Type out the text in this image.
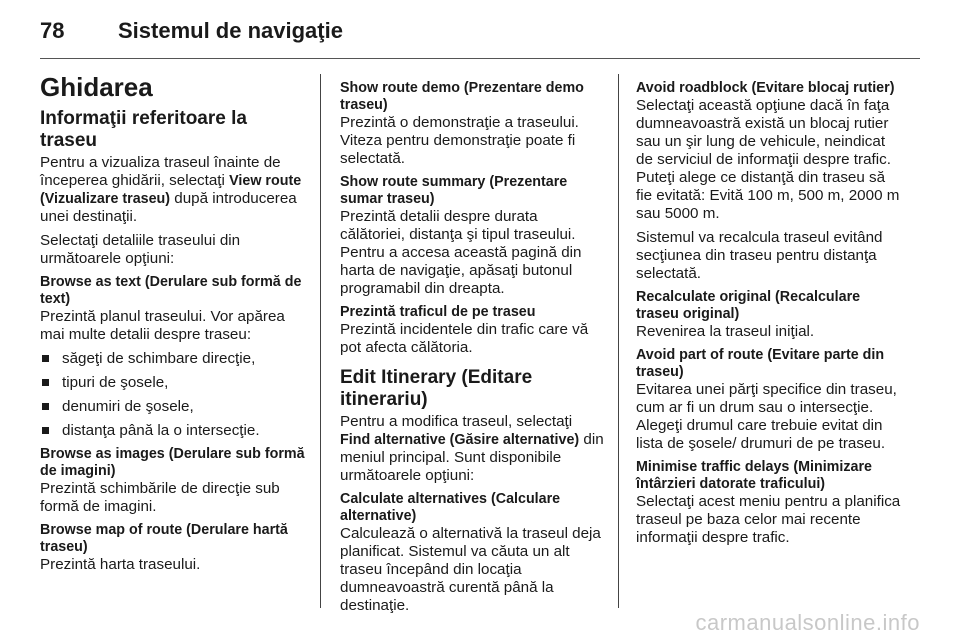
78 Sistemul de navigaţie
Ghidarea
Informaţii referitoare la traseu

Pentru a vizualiza traseul înainte de începerea ghidării, selectaţi View route (Vizualizare traseu) după introducerea unei destinaţii.

Selectaţi detaliile traseului din următoarele opţiuni:

Browse as text (Derulare sub formă de text)
Prezintă planul traseului. Vor apărea mai multe detalii despre traseu:
săgeţi de schimbare direcţie,
tipuri de şosele,
denumiri de şosele,
distanţa până la o intersecţie.
Browse as images (Derulare sub formă de imagini)
Prezintă schimbările de direcţie sub formă de imagini.
Browse map of route (Derulare hartă traseu)
Prezintă harta traseului.
Show route demo (Prezentare demo traseu)
Prezintă o demonstraţie a traseului. Viteza pentru demonstraţie poate fi selectată.
Show route summary (Prezentare sumar traseu)
Prezintă detalii despre durata călătoriei, distanţa şi tipul traseului. Pentru a accesa această pagină din harta de navigaţie, apăsaţi butonul programabil din dreapta.
Prezintă traficul de pe traseu
Prezintă incidentele din trafic care vă pot afecta călătoria.
Edit Itinerary (Editare itinerariu)

Pentru a modifica traseul, selectaţi Find alternative (Găsire alternative) din meniul principal. Sunt disponibile următoarele opţiuni:

Calculate alternatives (Calculare alternative)
Calculează o alternativă la traseul deja planificat. Sistemul va căuta un alt traseu începând din locaţia dumneavoastră curentă până la destinaţie.
Avoid roadblock (Evitare blocaj rutier)
Selectaţi această opţiune dacă în faţa dumneavoastră există un blocaj rutier sau un şir lung de vehicule, neindicat de serviciul de informaţii despre trafic. Puteţi alege ce distanţă din traseu să fie evitată: Evită 100 m, 500 m, 2000 m sau 5000 m.

Sistemul va recalcula traseul evitând secţiunea din traseu pentru distanţa selectată.

Recalculate original (Recalculare traseu original)
Revenirea la traseul iniţial.
Avoid part of route (Evitare parte din traseu)
Evitarea unei părţi specifice din traseu, cum ar fi un drum sau o intersecţie. Alegeţi drumul care trebuie evitat din lista de şosele/ drumuri de pe traseu.
Minimise traffic delays (Minimizare întârzieri datorate traficului)
Selectaţi acest meniu pentru a planifica traseul pe baza celor mai recente informaţii despre trafic.
carmanualsonline.info
